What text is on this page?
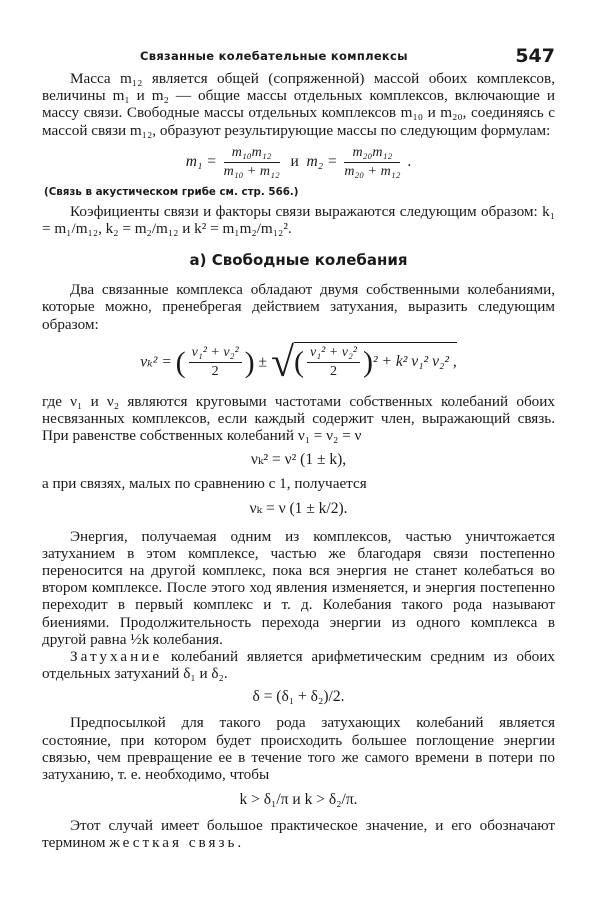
Связанные колебательные комплексы	547

Масса m₁₂ является общей (сопряженной) массой обоих комплексов, величины m₁ и m₂ — общие массы отдельных комплексов, включающие и массу связи. Свободные массы отдельных комплексов m₁₀ и m₂₀, соединяясь с массой связи m₁₂, образуют результирующие массы по следующим формулам:

$m_1 = \frac{\text{m₁₀m₁₂}}{\text{m₁₀ + m₁₂}}$ и $m_2 = \frac{\text{m₂₀m₁₂}}{\text{m₂₀ + m₁₂}}$ .
(Связь в акустическом грибе см. стр. 566.)

Коэфициенты связи и факторы связи выражаются следующим образом: k₁ = m₁/m₁₂, k₂ = m₂/m₁₂ и k² = m₁m₂/m₁₂².

а) Свободные колебания

Два связанные комплекса обладают двумя собственными колебаниями, которые можно, пренебрегая действием затухания, выразить следующим образом:

νₖ² = ( $\frac{\text{ν₁² + ν₂²}}{2}$ ) ± √( $\frac{\text{ν₁² + ν₂²}}{2} )^2 + k^2$ ν₁² ν₂² ,

где ν₁ и ν₂ являются круговыми частотами собственных колебаний обоих несвязанных комплексов, если каждый содержит член, выражающий связь. При равенстве собственных колебаний ν₁ = ν₂ = ν

νₖ² = ν² (1 ± k),

а при связях, малых по сравнению с 1, получается

νₖ = ν (1 ± k/2).

Энергия, получаемая одним из комплексов, частью уничтожается затуханием в этом комплексе, частью же благодаря связи постепенно переносится на другой комплекс, пока вся энергия не станет колебаться во втором комплексе. После этого ход явления изменяется, и энергия постепенно переходит в первый комплекс и т. д. Колебания такого рода называют биениями. Продолжительность перехода энергии из одного комплекса в другой равна ½k колебания.

Затухание колебаний является арифметическим средним из обоих отдельных затуханий δ₁ и δ₂.

δ = (δ₁ + δ₂)/2.

Предпосылкой для такого рода затухающих колебаний является состояние, при котором будет происходить большее поглощение энергии связью, чем превращение ее в течение того же самого времени в потери по затуханию, т. е. необходимо, чтобы

k > δ₁/π и k > δ₂/π.

Этот случай имеет большое практическое значение, и его обозначают термином жесткая связь.
